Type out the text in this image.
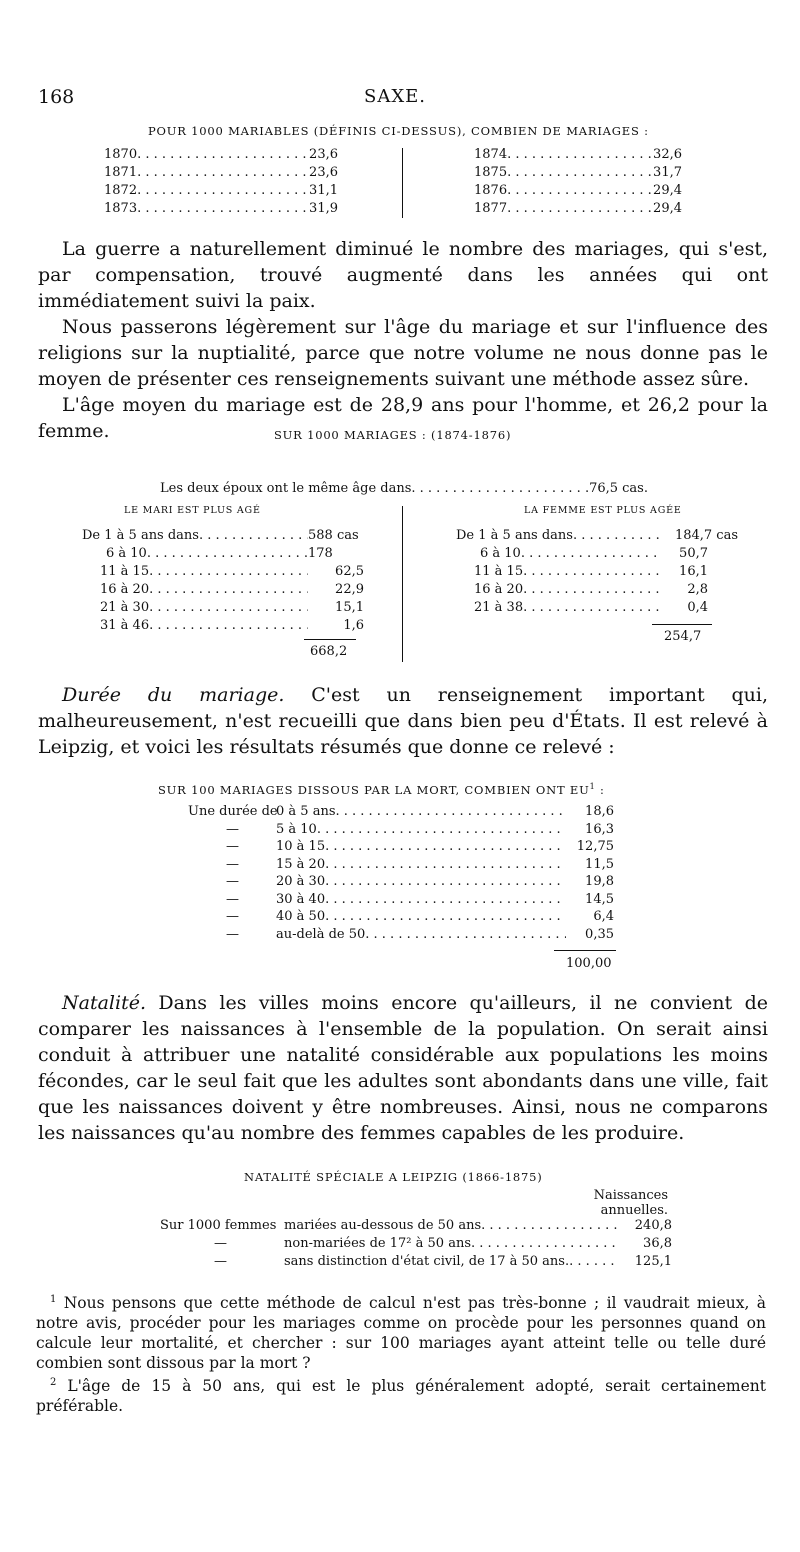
168	SAXE.
POUR 1000 MARIABLES (DÉFINIS CI-DESSUS), COMBIEN DE MARIAGES :
1870 . . .	23,6
1871 . . .	23,6
1872 . . .	31,1
1873 . . .	31,9
1874 . . .	32,6
1875 . . .	31,7
1876 . . .	29,4
1877 . . .	29,4

La guerre a naturellement diminué le nombre des mariages, qui s'est, par compensation, trouvé augmenté dans les années qui ont immédiatement suivi la paix.

Nous passerons légèrement sur l'âge du mariage et sur l'influence des religions sur la nuptialité, parce que notre volume ne nous donne pas le moyen de présenter ces renseignements suivant une méthode assez sûre.

L'âge moyen du mariage est de 28,9 ans pour l'homme, et 26,2 pour la femme.	SUR 1000 MARIAGES : (1874-1876)
Les deux époux ont le même âge dans . . .	76,5 cas.
LE MARI EST PLUS AGÉ	LA FEMME EST PLUS AGÉE
De 1 à 5 ans dans . . .	588 cas
6 à 10 . . .	178
11 à 15 . . .	62,5
16 à 20 . . .	22,9
21 à 30 . . .	15,1
31 à 46 . . .	1,6
668,2
De 1 à 5 ans dans . . .	184,7 cas
6 à 10 . . .	50,7
11 à 15 . . .	16,1
16 à 20 . . .	2,8
21 à 38 . . .	0,4
254,7

Durée du mariage. C'est un renseignement important qui, malheureusement, n'est recueilli que dans bien peu d'États. Il est relevé à Leipzig, et voici les résultats résumés que donne ce relevé :

SUR 100 MARIAGES DISSOUS PAR LA MORT, COMBIEN ONT $EU^1$ :
Une durée de
0 à 5 ans . . .	18,6
—	5 à 10 . . .	16,3
—	10 à 15 . . .	12,75
—	15 à 20 . . .	11,5
—	20 à 30 . . .	19,8
—	30 à 40 . . .	14,5
—	40 à 50 . . .	6,4
—	au-delà de 50 . . .	0,35
100,00

Natalité. Dans les villes moins encore qu'ailleurs, il ne convient de comparer les naissances à l'ensemble de la population. On serait ainsi conduit à attribuer une natalité considérable aux populations les moins fécondes, car le seul fait que les adultes sont abondants dans une ville, fait que les naissances doivent y être nombreuses. Ainsi, nous ne comparons les naissances qu'au nombre des femmes capables de les produire.

NATALITÉ SPÉCIALE A LEIPZIG (1866-1875)
Naissances
annuelles.
Sur 1000 femmes mariées au-dessous de 50 ans . . .	240,8
—	non-mariées de 17² à 50 ans . . .	36,8
—	sans distinction d'état civil, de 17 à 50 ans. . . .	125,1

$^1$ Nous pensons que cette méthode de calcul n'est pas très-bonne ; il vaudrait mieux, à notre avis, procéder pour les mariages comme on procède pour les personnes quand on calcule leur mortalité, et chercher : sur 100 mariages ayant atteint telle ou telle duré combien sont dissous par la mort ?

$^2$ L'âge de 15 à 50 ans, qui est le plus généralement adopté, serait certainement préférable.
